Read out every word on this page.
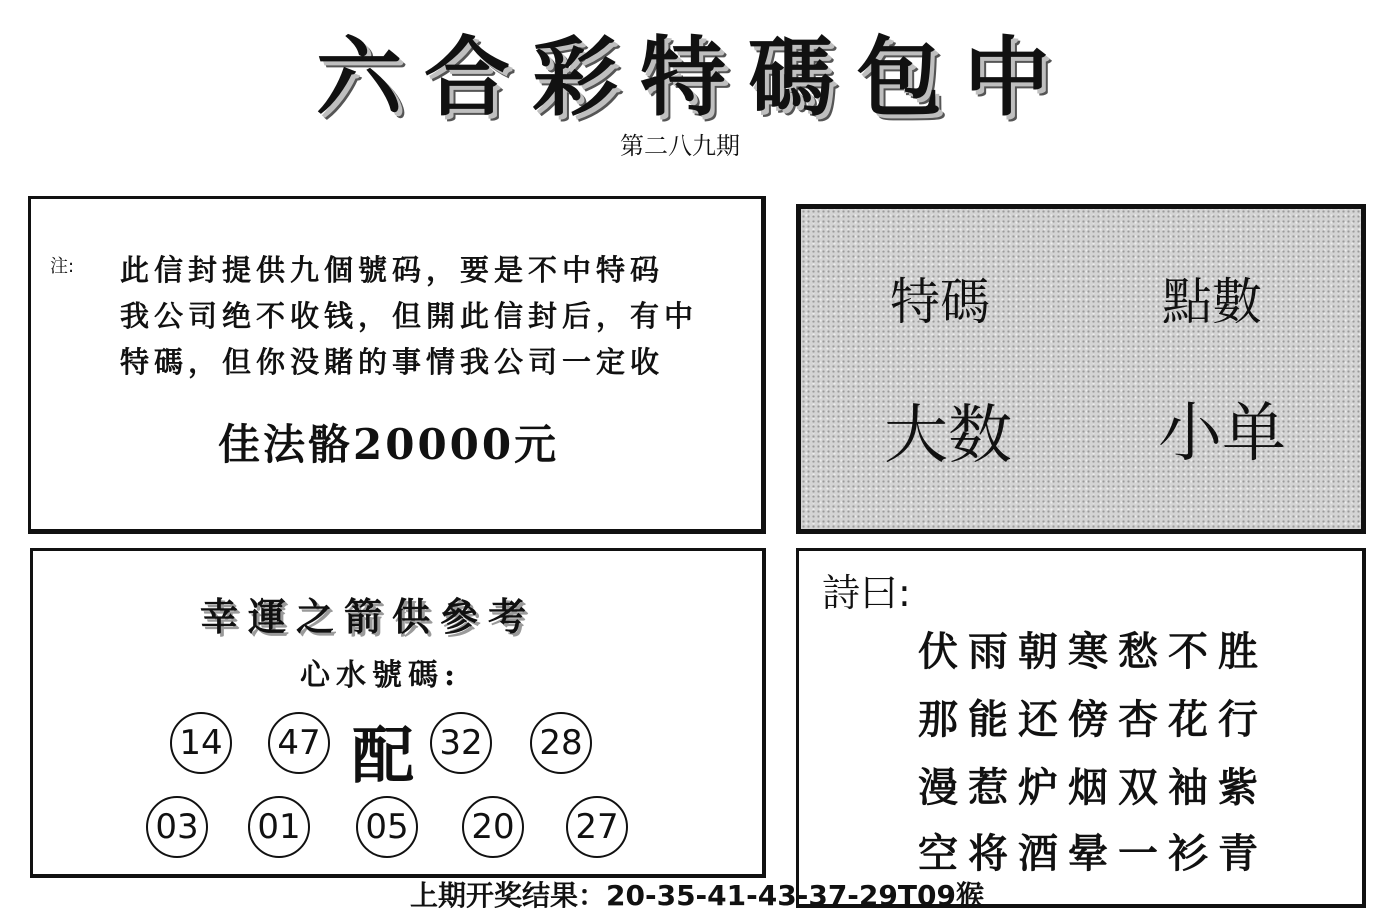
六合彩特碼包中
第二八九期
注: 此信封提供九個號码，要是不中特码
我公司绝不收钱，但開此信封后，有中
特碼，但你没賭的事情我公司一定收
佳法骼20000元
特碼	點數
大数 小单
幸運之箭供參考
心水號碼:
14 47 配 32 28
03 01 05 20 27
詩曰:
伏雨朝寒愁不胜
那能还傍杏花行
漫惹炉烟双袖紫
空将酒晕一衫青
上期开奖结果：20-35-41-43-37-29T09猴
